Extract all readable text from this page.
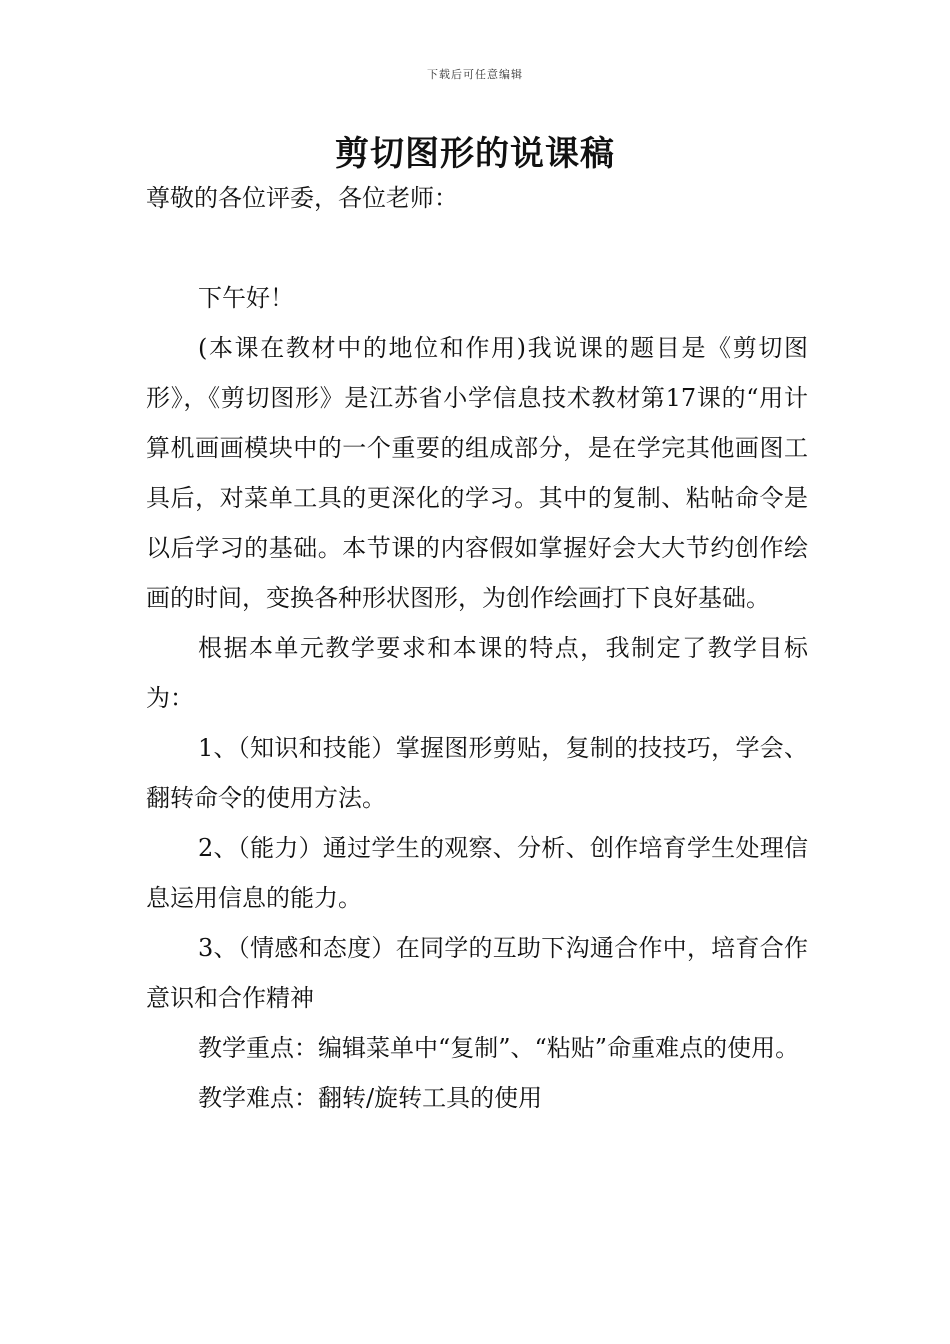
下载后可任意编辑
剪切图形的说课稿

尊敬的各位评委，各位老师：

下午好！

(本课在教材中的地位和作用)我说课的题目是《剪切图形》，《剪切图形》是江苏省小学信息技术教材第17课的“用计算机画画模块中的一个重要的组成部分，是在学完其他画图工具后，对菜单工具的更深化的学习。其中的复制、粘帖命令是以后学习的基础。本节课的内容假如掌握好会大大节约创作绘画的时间，变换各种形状图形，为创作绘画打下良好基础。

根据本单元教学要求和本课的特点，我制定了教学目标为：

1、（知识和技能）掌握图形剪贴，复制的技技巧，学会、翻转命令的使用方法。

2、（能力）通过学生的观察、分析、创作培育学生处理信息运用信息的能力。

3、（情感和态度）在同学的互助下沟通合作中，培育合作意识和合作精神

教学重点：编辑菜单中“复制”、“粘贴”命重难点的使用。

教学难点：翻转/旋转工具的使用
